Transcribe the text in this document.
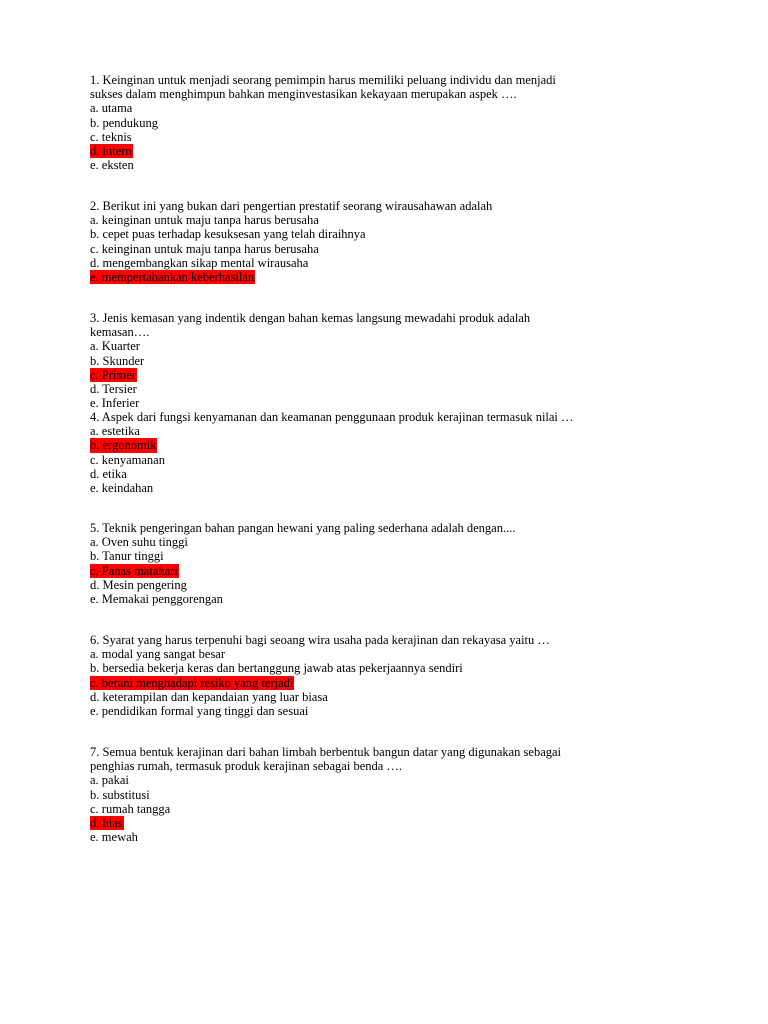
1. Keinginan untuk menjadi seorang pemimpin harus memiliki peluang individu dan menjadi
sukses dalam menghimpun bahkan menginvestasikan kekayaan merupakan aspek ….
a. utama
b. pendukung
c. teknis
d. intern
e. eksten
2. Berikut ini yang bukan dari pengertian prestatif seorang wirausahawan adalah
a. keinginan untuk maju tanpa harus berusaha
b. cepet puas terhadap kesuksesan yang telah diraihnya
c. keinginan untuk maju tanpa harus berusaha
d. mengembangkan sikap mental wirausaha
e. mempertahankan keberhasilan
3. Jenis kemasan yang indentik dengan bahan kemas langsung mewadahi produk adalah
kemasan….
a. Kuarter
b. Skunder
c. Primer
d. Tersier
e. Inferier
4. Aspek dari fungsi kenyamanan dan keamanan penggunaan produk kerajinan termasuk nilai …
a. estetika
b. ergonomik
c. kenyamanan
d. etika
e. keindahan
5. Teknik pengeringan bahan pangan hewani yang paling sederhana adalah dengan....
a. Oven suhu tinggi
b. Tanur tinggi
c. Panas matahari
d. Mesin pengering
e. Memakai penggorengan
6. Syarat yang harus terpenuhi bagi seoang wira usaha pada kerajinan dan rekayasa yaitu …
a. modal yang sangat besar
b. bersedia bekerja keras dan bertanggung jawab atas pekerjaannya sendiri
c. berani menghadapi resiko yang terjadi
d. keterampilan dan kepandaian yang luar biasa
e. pendidikan formal yang tinggi dan sesuai
7. Semua bentuk kerajinan dari bahan limbah berbentuk bangun datar yang digunakan sebagai
penghias rumah, termasuk produk kerajinan sebagai benda ….
a. pakai
b. substitusi
c. rumah tangga
d. hias
e. mewah
